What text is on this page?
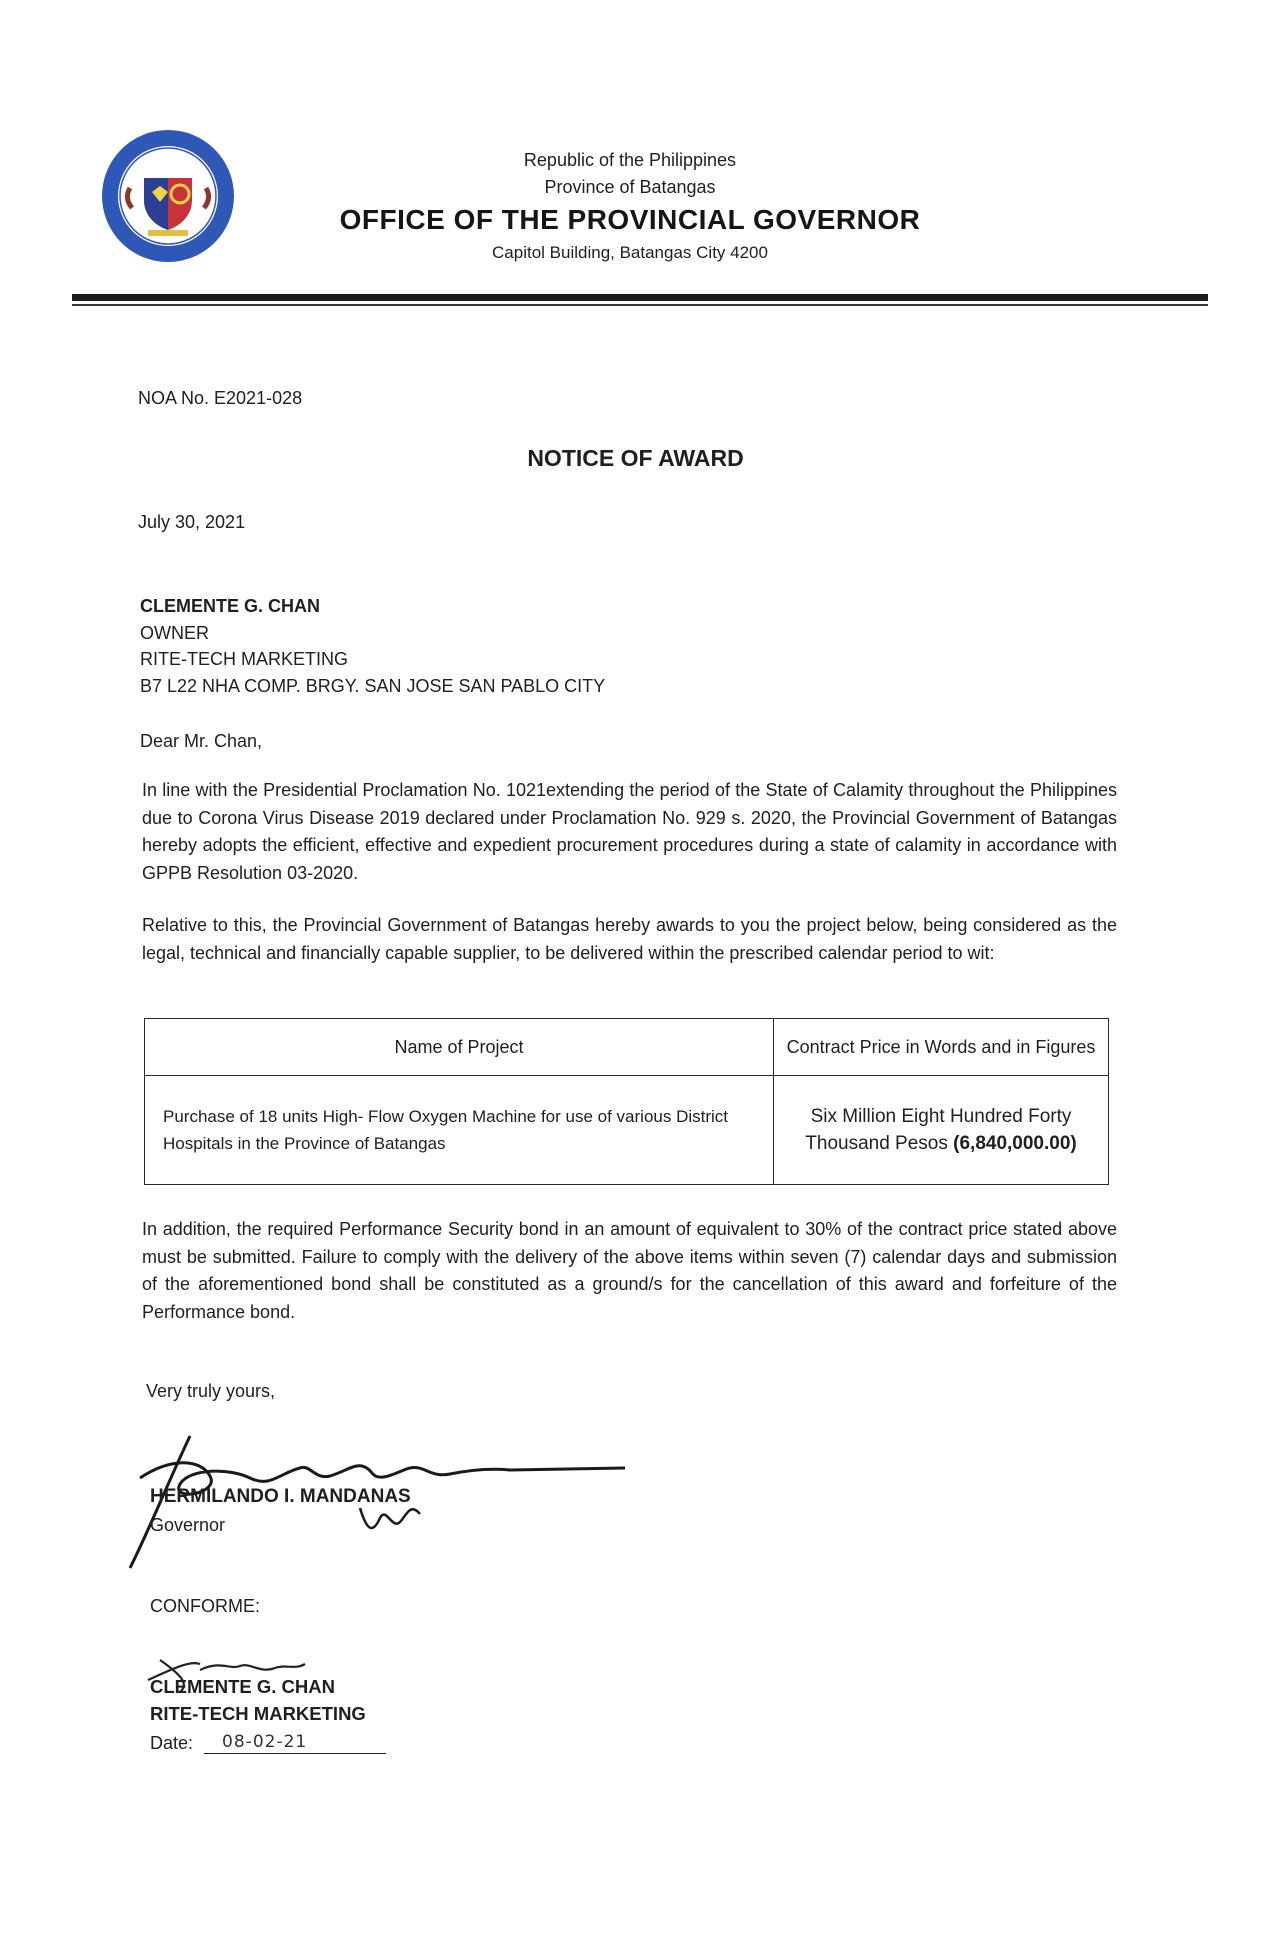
Republic of the Philippines
Province of Batangas
OFFICE OF THE PROVINCIAL GOVERNOR
Capitol Building, Batangas City 4200
NOA No. E2021-028
NOTICE OF AWARD
July 30, 2021
CLEMENTE G. CHAN
OWNER
RITE-TECH MARKETING
B7 L22 NHA COMP. BRGY. SAN JOSE SAN PABLO CITY
Dear Mr. Chan,
In line with the Presidential Proclamation No. 1021extending the period of the State of Calamity throughout the Philippines due to Corona Virus Disease 2019 declared under Proclamation No. 929 s. 2020, the Provincial Government of Batangas hereby adopts the efficient, effective and expedient procurement procedures during a state of calamity in accordance with GPPB Resolution 03-2020.
Relative to this, the Provincial Government of Batangas hereby awards to you the project below, being considered as the legal, technical and financially capable supplier, to be delivered within the prescribed calendar period to wit:
Name of Project	Contract Price in Words and in Figures
Purchase of 18 units High- Flow Oxygen Machine for use of various District Hospitals in the Province of Batangas	Six Million Eight Hundred Forty Thousand Pesos (6,840,000.00)
In addition, the required Performance Security bond in an amount of equivalent to 30% of the contract price stated above must be submitted. Failure to comply with the delivery of the above items within seven (7) calendar days and submission of the aforementioned bond shall be constituted as a ground/s for the cancellation of this award and forfeiture of the Performance bond.
Very truly yours,
HERMILANDO I. MANDANAS
Governor
CONFORME:
CLEMENTE G. CHAN
RITE-TECH MARKETING
Date: 08-02-21
